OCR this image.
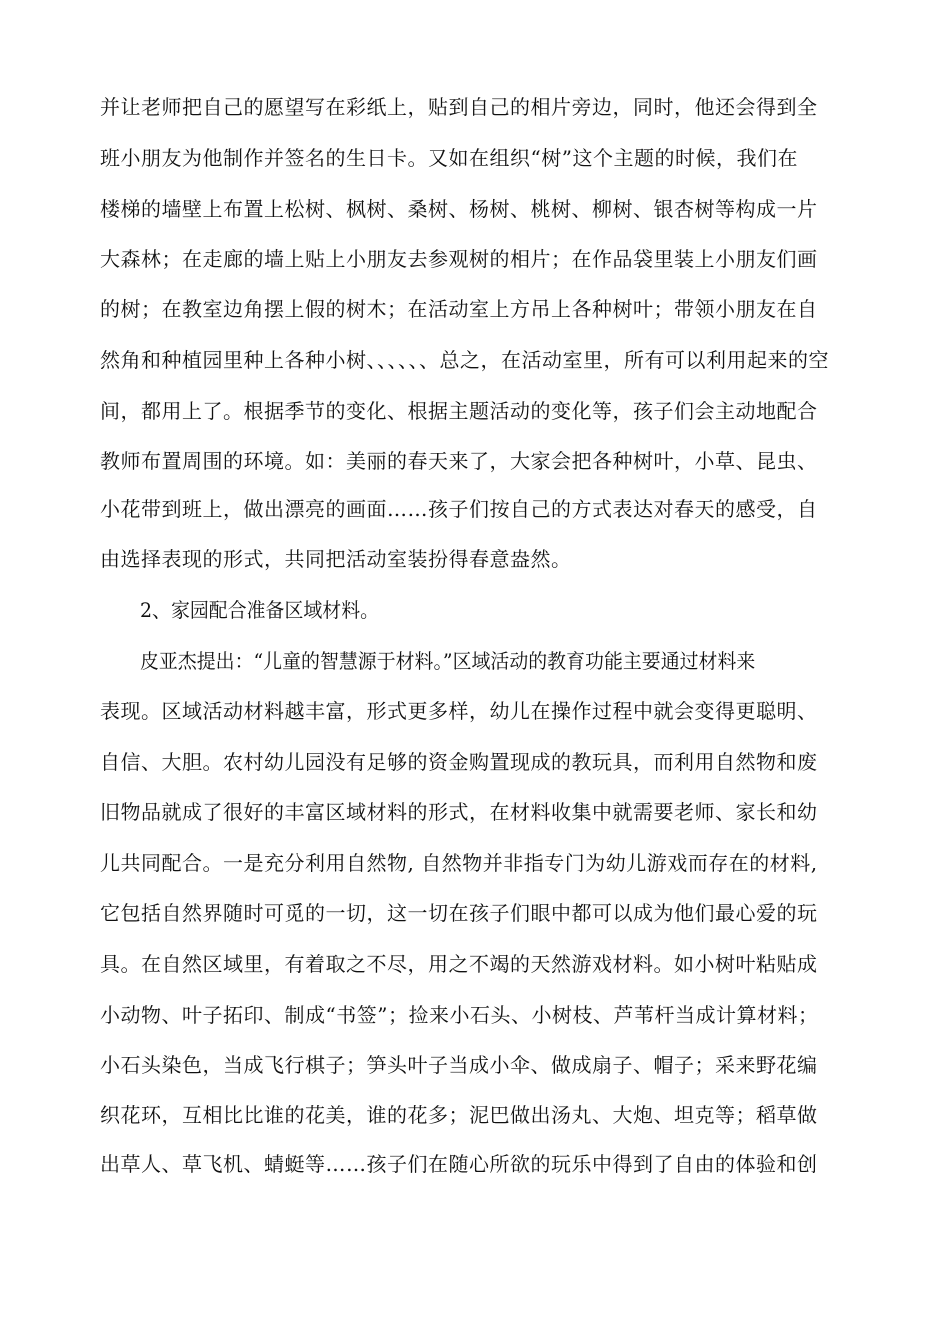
并让老师把自己的愿望写在彩纸上，贴到自己的相片旁边，同时，他还会得到全
班小朋友为他制作并签名的生日卡。又如在组织“树”这个主题的时候，我们在
楼梯的墙壁上布置上松树、枫树、桑树、杨树、桃树、柳树、银杏树等构成一片
大森林；在走廊的墙上贴上小朋友去参观树的相片；在作品袋里装上小朋友们画
的树；在教室边角摆上假的树木；在活动室上方吊上各种树叶；带领小朋友在自
然角和种植园里种上各种小树、、、、、、总之，在活动室里，所有可以利用起来的空
间，都用上了。根据季节的变化、根据主题活动的变化等，孩子们会主动地配合
教师布置周围的环境。如：美丽的春天来了，大家会把各种树叶，小草、昆虫、
小花带到班上，做出漂亮的画面……孩子们按自己的方式表达对春天的感受，自
由选择表现的形式，共同把活动室装扮得春意盎然。
2、家园配合准备区域材料。
皮亚杰提出：“儿童的智慧源于材料。”区域活动的教育功能主要通过材料来
表现。区域活动材料越丰富，形式更多样，幼儿在操作过程中就会变得更聪明、
自信、大胆。农村幼儿园没有足够的资金购置现成的教玩具，而利用自然物和废
旧物品就成了很好的丰富区域材料的形式，在材料收集中就需要老师、家长和幼
儿共同配合。一是充分利用自然物, 自然物并非指专门为幼儿游戏而存在的材料,
它包括自然界随时可觅的一切，这一切在孩子们眼中都可以成为他们最心爱的玩
具。在自然区域里，有着取之不尽，用之不竭的天然游戏材料。如小树叶粘贴成
小动物、叶子拓印、制成“书签”；捡来小石头、小树枝、芦苇杆当成计算材料；
小石头染色，当成飞行棋子；笋头叶子当成小伞、做成扇子、帽子；采来野花编
织花环，互相比比谁的花美，谁的花多；泥巴做出汤丸、大炮、坦克等；稻草做
出草人、草飞机、蜻蜓等……孩子们在随心所欲的玩乐中得到了自由的体验和创
